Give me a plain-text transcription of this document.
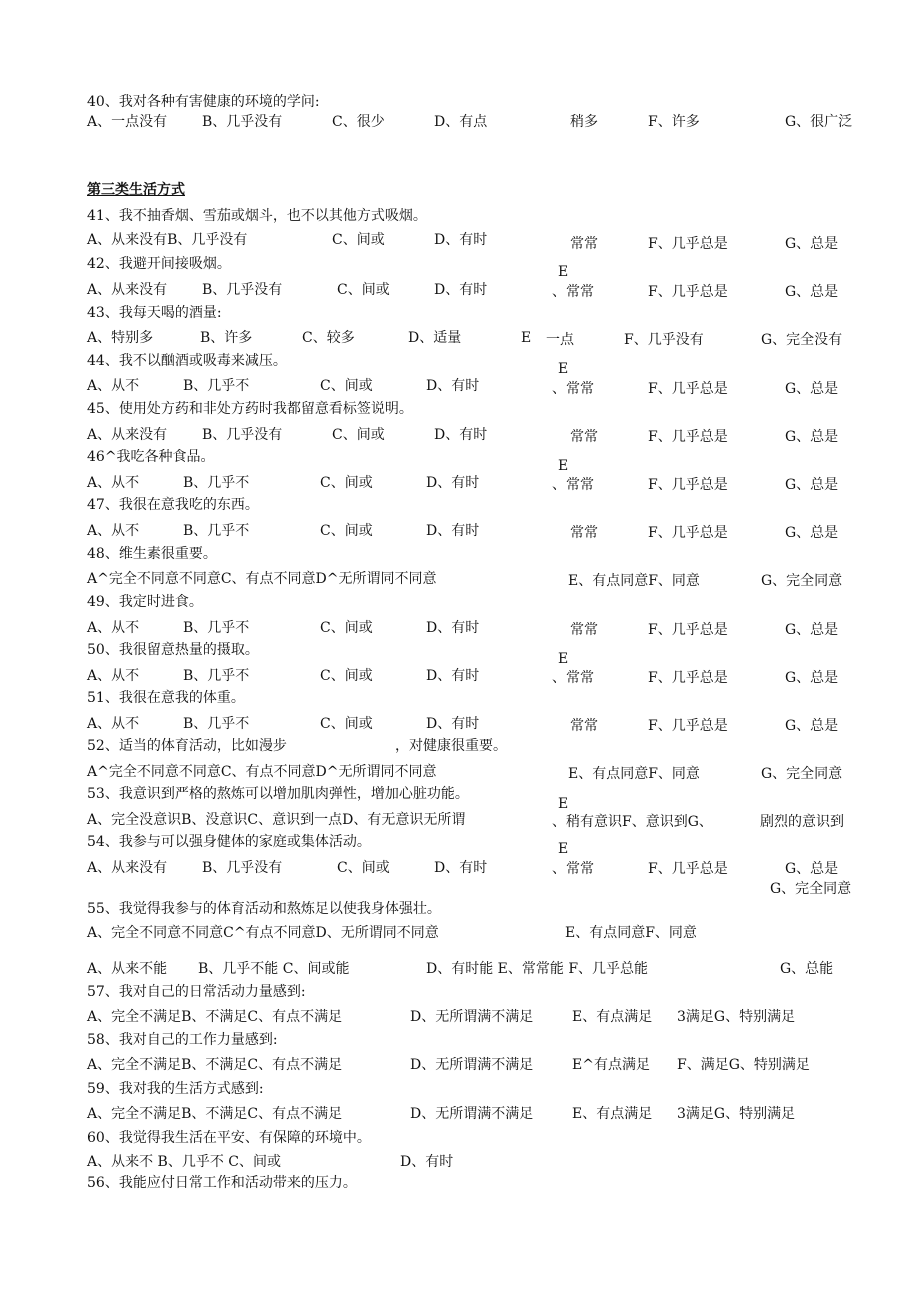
40、我对各种有害健康的环境的学问:
A、一点没有 B、几乎没有	C、很少	D、有点	稍多	F、许多	G、很广泛
第三类生活方式
41、我不抽香烟、雪茄或烟斗，也不以其他方式吸烟。
A、从来没有B、几乎没有	C、间或	D、有时	常常	F、几乎总是	G、总是
42、我避开间接吸烟。	E
A、从来没有 B、几乎没有	C、间或	D、有时	、常常	F、几乎总是	G、总是
43、我每天喝的酒量:
A、特别多	B、许多	C、较多	D、适量	E 一点	F、几乎没有	G、完全没有
44、我不以酗酒或吸毒来减压。	E
A、从不	B、几乎不	C、间或	D、有时	、常常	F、几乎总是	G、总是
45、使用处方药和非处方药时我都留意看标签说明。
A、从来没有 B、几乎没有	C、间或	D、有时	常常	F、几乎总是	G、总是
46^我吃各种食品。
E
A、从不	B、几乎不	C、间或	D、有时	、常常	F、几乎总是	G、总是
47、我很在意我吃的东西。
A、从不	B、几乎不	C、间或	D、有时	常常	F、几乎总是	G、总是
48、维生素很重要。
A^完全不同意不同意C、有点不同意D^无所谓同不同意	E、有点同意F、同意	G、完全同意
49、我定时进食。
A、从不	B、几乎不	C、间或	D、有时	常常	F、几乎总是	G、总是
50、我很留意热量的摄取。
E
A、从不	B、几乎不	C、间或	D、有时	、常常	F、几乎总是	G、总是
51、我很在意我的体重。
A、从不	B、几乎不	C、间或	D、有时	常常	F、几乎总是	G、总是
52、适当的体育活动，比如漫步	，对健康很重要。
A^完全不同意不同意C、有点不同意D^无所谓同不同意	E、有点同意F、同意	G、完全同意
53、我意识到严格的熬炼可以增加肌肉弹性，增加心脏功能。
E
A、完全没意识B、没意识C、意识到一点D、有无意识无所谓	、稍有意识F、意识到G、	剧烈的意识到
54、我参与可以强身健体的家庭或集体活动。	E
A、从来没有 B、几乎没有	C、间或	D、有时	、常常	F、几乎总是	G、总是
G、完全同意
55、我觉得我参与的体育活动和熬炼足以使我身体强壮。
A、完全不同意不同意C^有点不同意D、无所谓同不同意	E、有点同意F、同意
A、从来不能 B、几乎不能 C、间或能	D、有时能 E、常常能 F、几乎总能	G、总能
57、我对自己的日常活动力量感到:
A、完全不满足B、不满足C、有点不满足	D、无所谓满不满足	E、有点满足 3满足G、特别满足
58、我对自己的工作力量感到:
A、完全不满足B、不满足C、有点不满足	D、无所谓满不满足	E^有点满足 F、满足G、特别满足
59、我对我的生活方式感到:
A、完全不满足B、不满足C、有点不满足	D、无所谓满不满足	E、有点满足 3满足G、特别满足
60、我觉得我生活在平安、有保障的环境中。
A、从来不 B、几乎不 C、间或	D、有时
56、我能应付日常工作和活动带来的压力。
